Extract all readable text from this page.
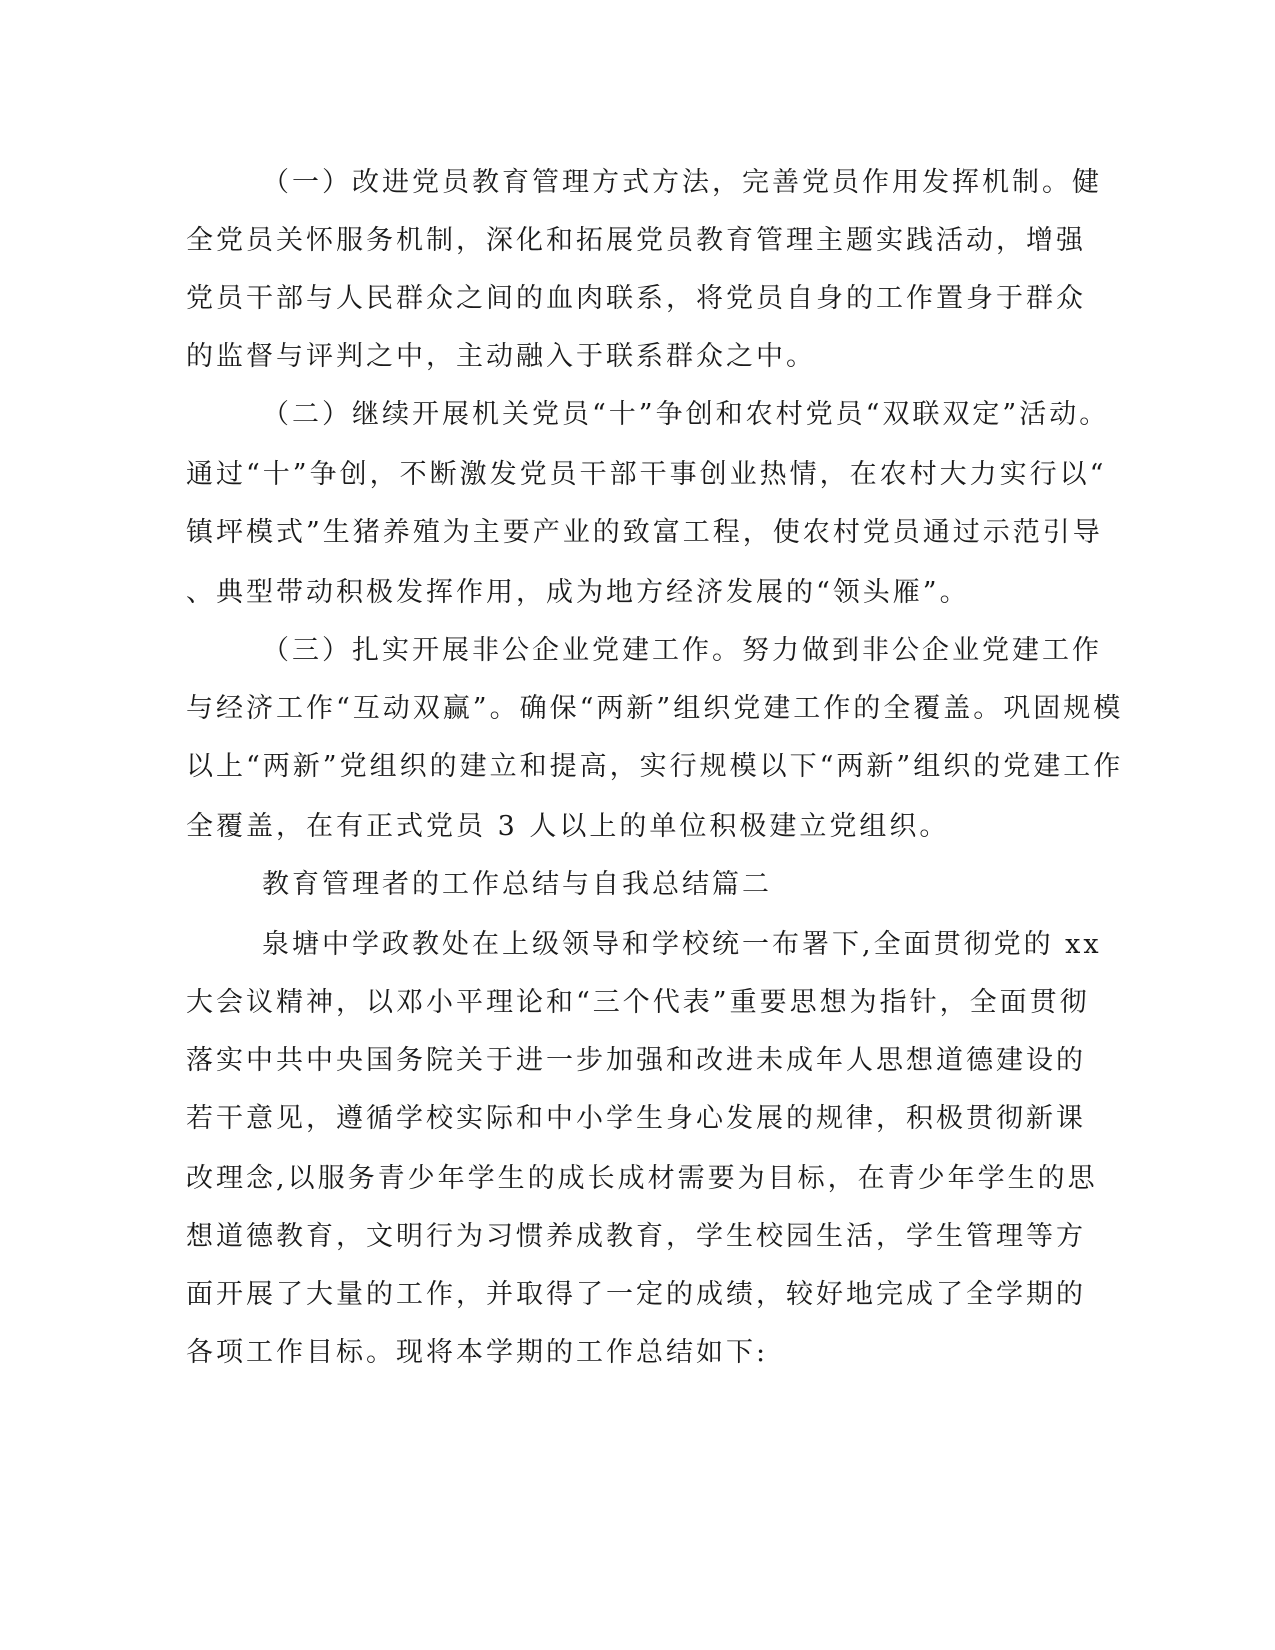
（一）改进党员教育管理方式方法，完善党员作用发挥机制。健
全党员关怀服务机制，深化和拓展党员教育管理主题实践活动，增强
党员干部与人民群众之间的血肉联系，将党员自身的工作置身于群众
的监督与评判之中，主动融入于联系群众之中。
（二）继续开展机关党员“十”争创和农村党员“双联双定”活动。
通过“十”争创，不断激发党员干部干事创业热情，在农村大力实行以“
镇坪模式”生猪养殖为主要产业的致富工程，使农村党员通过示范引导
、典型带动积极发挥作用，成为地方经济发展的“领头雁”。
（三）扎实开展非公企业党建工作。努力做到非公企业党建工作
与经济工作“互动双赢”。确保“两新”组织党建工作的全覆盖。巩固规模
以上“两新”党组织的建立和提高，实行规模以下“两新”组织的党建工作
全覆盖，在有正式党员 3 人以上的单位积极建立党组织。
教育管理者的工作总结与自我总结篇二
泉塘中学政教处在上级领导和学校统一布署下,全面贯彻党的 xx
大会议精神，以邓小平理论和“三个代表”重要思想为指针，全面贯彻
落实中共中央国务院关于进一步加强和改进未成年人思想道德建设的
若干意见，遵循学校实际和中小学生身心发展的规律，积极贯彻新课
改理念,以服务青少年学生的成长成材需要为目标，在青少年学生的思
想道德教育，文明行为习惯养成教育，学生校园生活，学生管理等方
面开展了大量的工作，并取得了一定的成绩，较好地完成了全学期的
各项工作目标。现将本学期的工作总结如下:
